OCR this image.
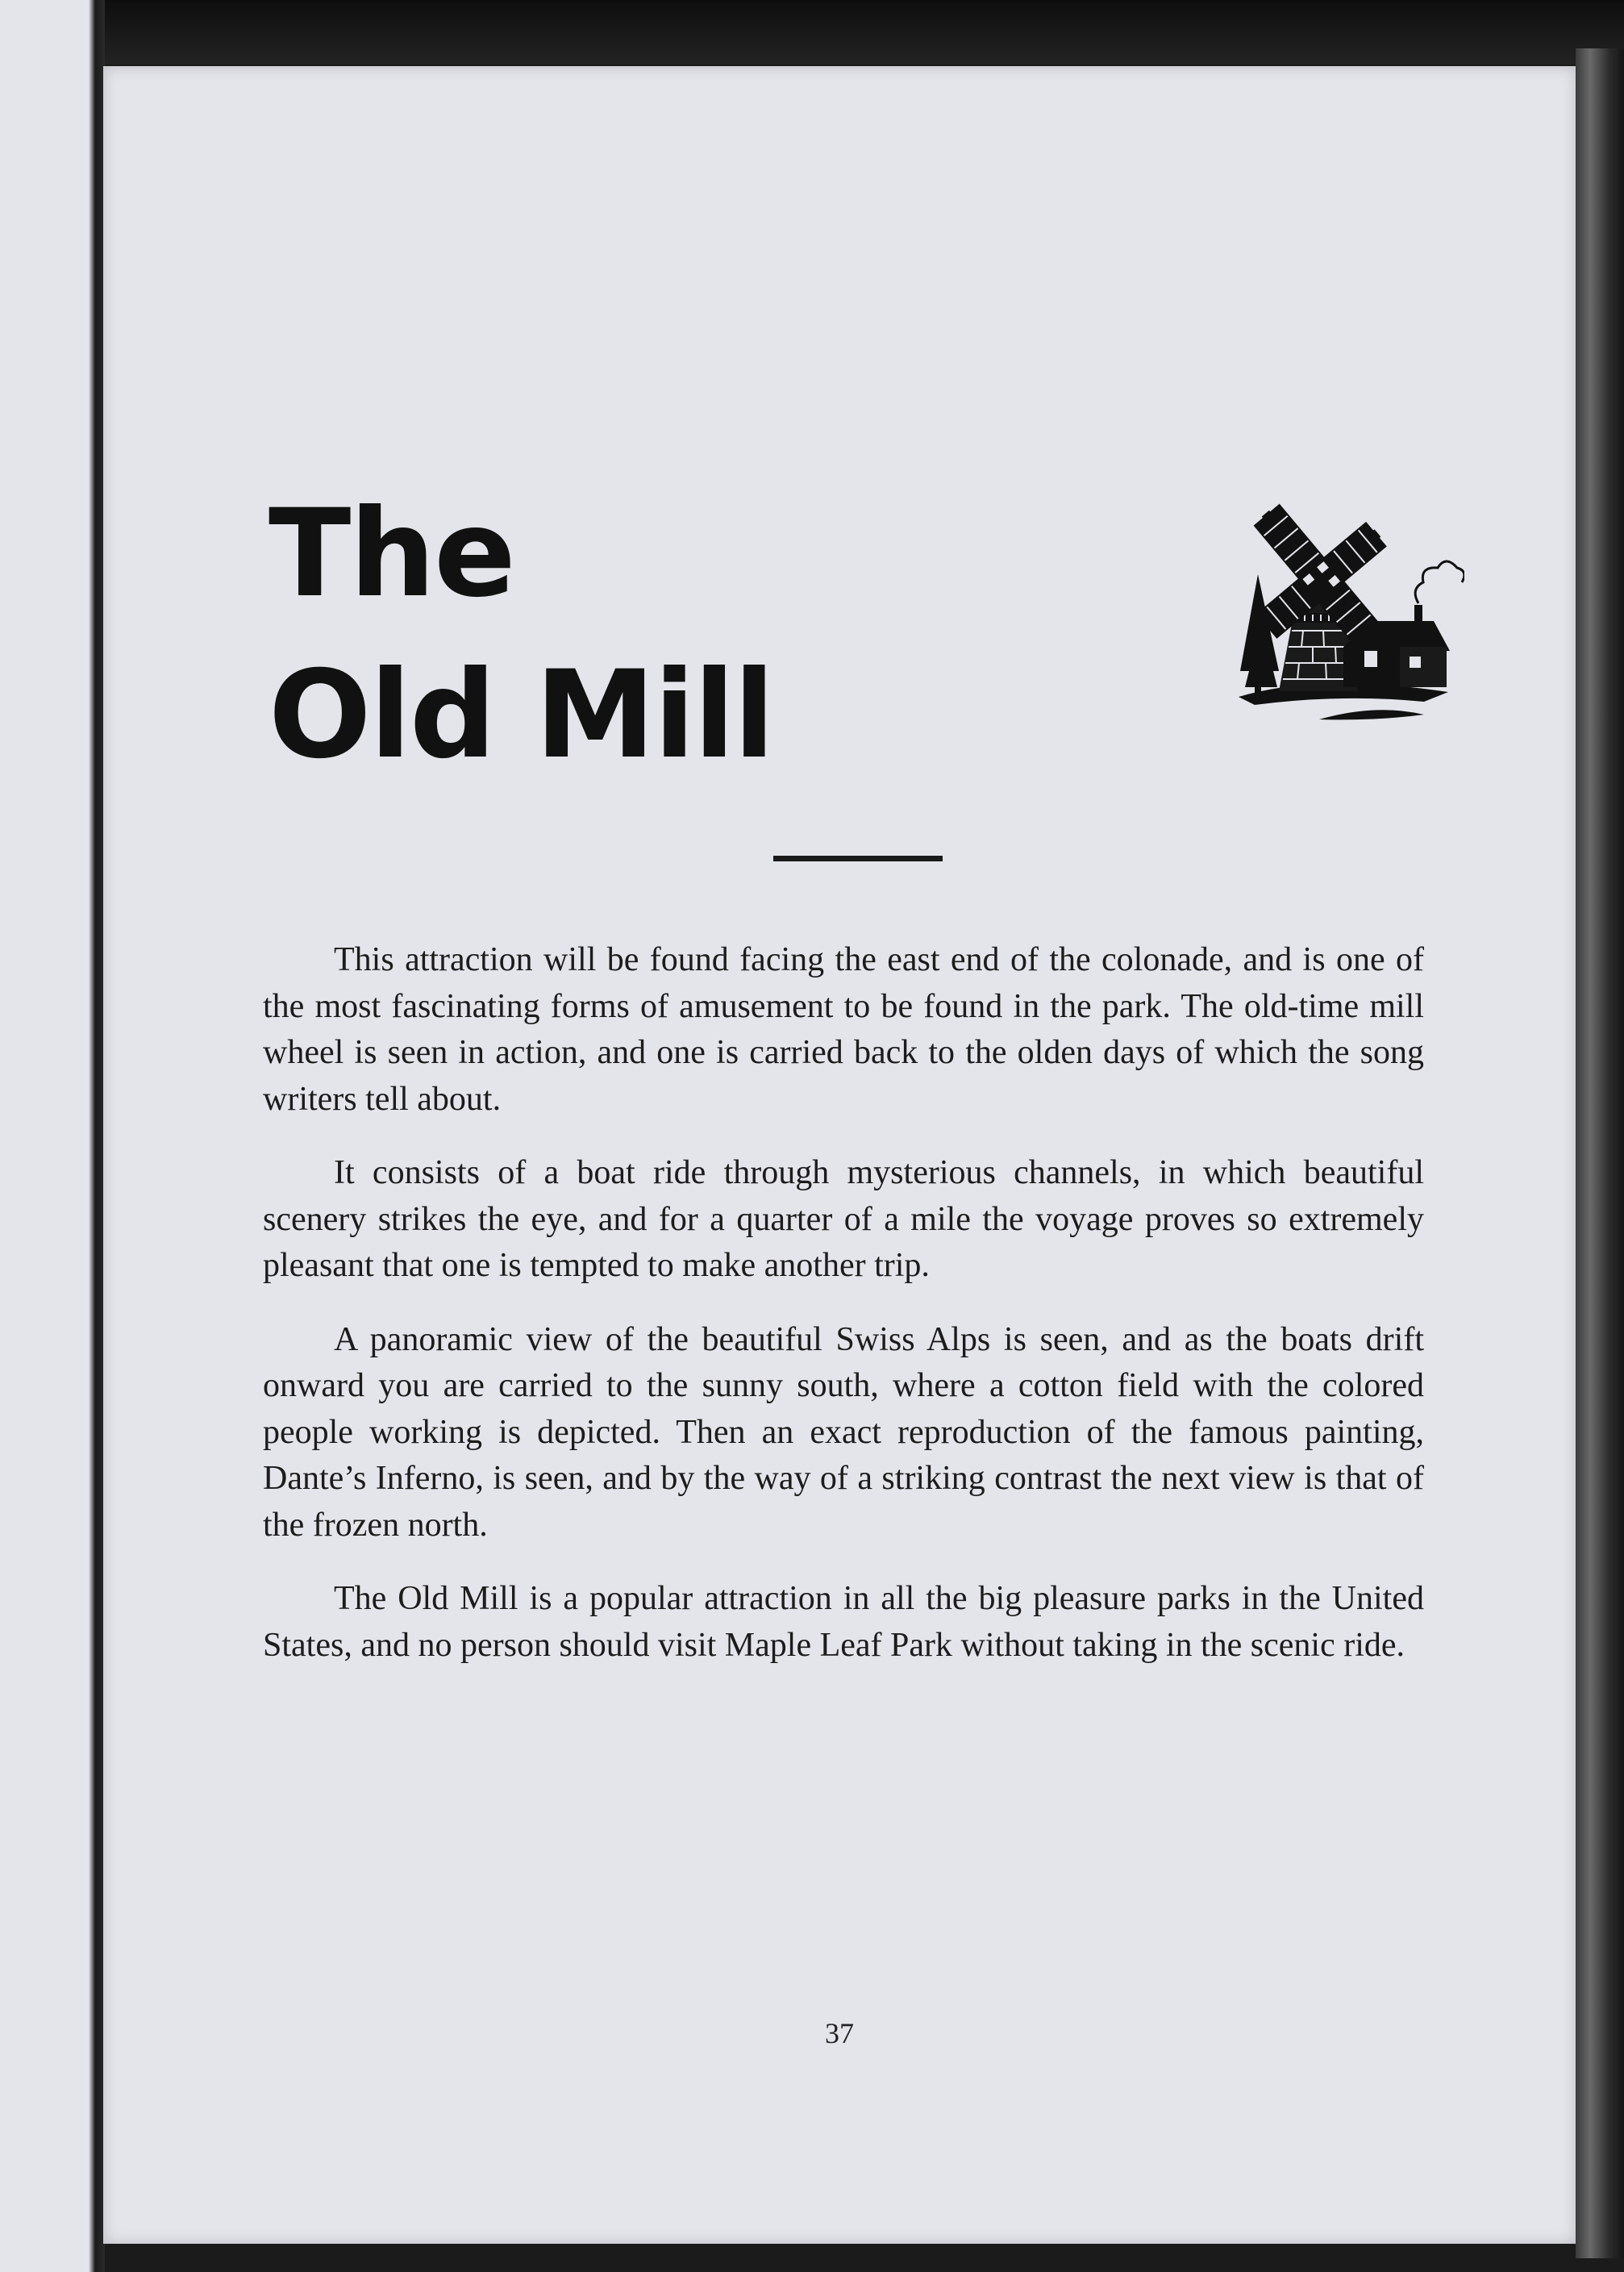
The
Old Mill

This attraction will be found facing the east end of the colonade, and is one of the most fascinating forms of amusement to be found in the park. The old-time mill wheel is seen in action, and one is carried back to the olden days of which the song writers tell about.

It consists of a boat ride through mysterious channels, in which beautiful scenery strikes the eye, and for a quarter of a mile the voyage proves so extremely pleasant that one is tempted to make another trip.

A panoramic view of the beautiful Swiss Alps is seen, and as the boats drift onward you are carried to the sunny south, where a cotton field with the colored people working is depicted. Then an exact reproduction of the famous painting, Dante’s Inferno, is seen, and by the way of a striking contrast the next view is that of the frozen north.

The Old Mill is a popular attraction in all the big pleasure parks in the United States, and no person should visit Maple Leaf Park without taking in the scenic ride.

37
